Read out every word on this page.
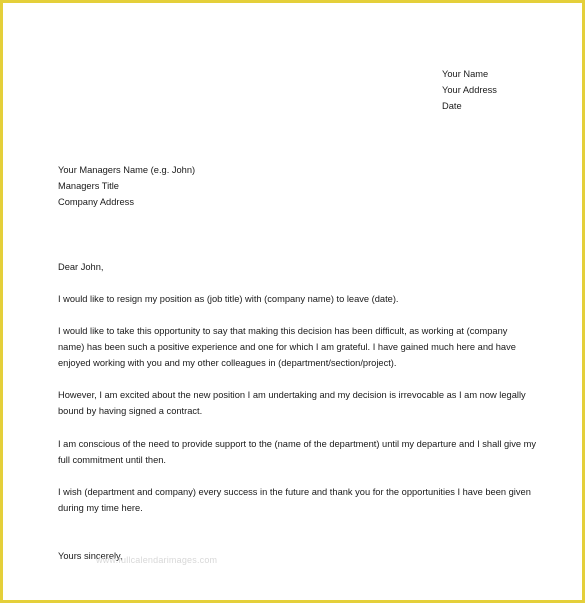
Your Name
Your Address
Date
Your Managers Name (e.g. John)
Managers Title
Company Address
Dear John,
I would like to resign my position as (job title) with (company name) to leave (date).
I would like to take this opportunity to say that making this decision has been difficult, as working at (company
name) has been such a positive experience and one for which I am grateful. I have gained much here and have
enjoyed working with you and my other colleagues in (department/section/project).
However, I am excited about the new position I am undertaking and my decision is irrevocable as I am now legally
bound by having signed a contract.
I am conscious of the need to provide support to the (name of the department) until my departure and I shall give my
full commitment until then.
I wish (department and company) every success in the future and thank you for the opportunities I have been given
during my time here.
Yours sincerely,
www.fullcalendarimages.com
